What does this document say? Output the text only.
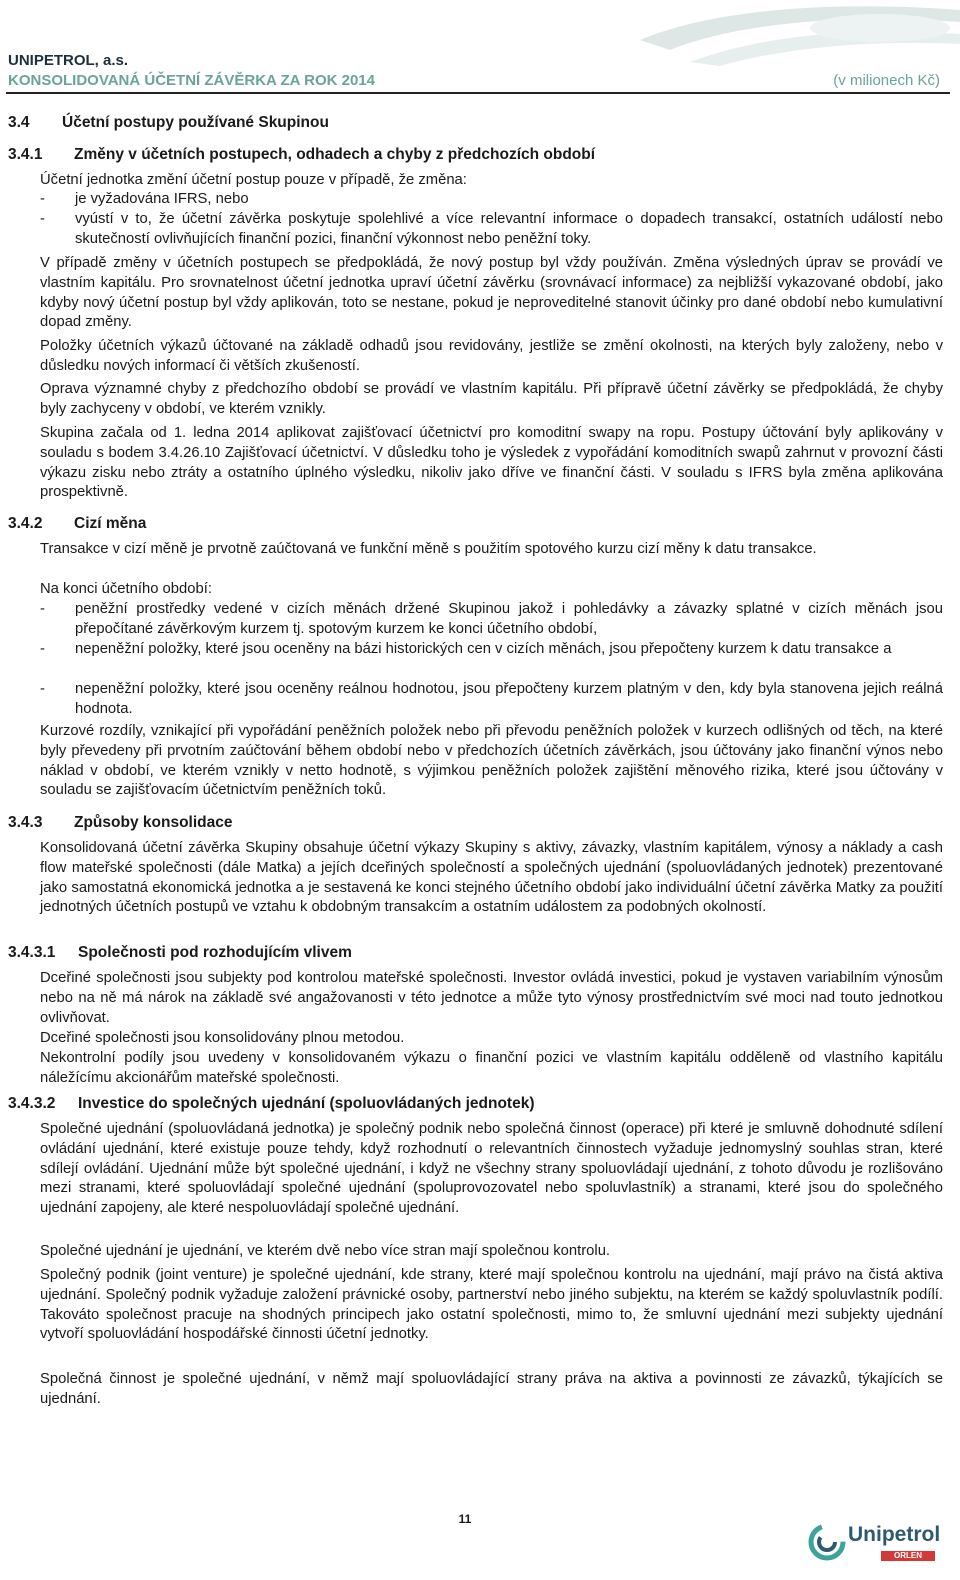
UNIPETROL, a.s.
KONSOLIDOVANÁ ÚČETNÍ ZÁVĚRKA ZA ROK 2014	(v milionech Kč)
3.4 Účetní postupy používané Skupinou
3.4.1 Změny v účetních postupech, odhadech a chyby z předchozích období

Účetní jednotka změní účetní postup pouze v případě, že změna:

- je vyžadována IFRS, nebo
- vyústí v to, že účetní závěrka poskytuje spolehlivé a více relevantní informace o dopadech transakcí, ostatních událostí nebo skutečností ovlivňujících finanční pozici, finanční výkonnost nebo peněžní toky.

V případě změny v účetních postupech se předpokládá, že nový postup byl vždy používán. Změna výsledných úprav se provádí ve vlastním kapitálu. Pro srovnatelnost účetní jednotka upraví účetní závěrku (srovnávací informace) za nejbližší vykazované období, jako kdyby nový účetní postup byl vždy aplikován, toto se nestane, pokud je neproveditelné stanovit účinky pro dané období nebo kumulativní dopad změny.

Položky účetních výkazů účtované na základě odhadů jsou revidovány, jestliže se změní okolnosti, na kterých byly založeny, nebo v důsledku nových informací či větších zkušeností.

Oprava významné chyby z předchozího období se provádí ve vlastním kapitálu. Při přípravě účetní závěrky se předpokládá, že chyby byly zachyceny v období, ve kterém vznikly.

Skupina začala od 1. ledna 2014 aplikovat zajišťovací účetnictví pro komoditní swapy na ropu. Postupy účtování byly aplikovány v souladu s bodem 3.4.26.10 Zajišťovací účetnictví. V důsledku toho je výsledek z vypořádání komoditních swapů zahrnut v provozní části výkazu zisku nebo ztráty a ostatního úplného výsledku, nikoliv jako dříve ve finanční části. V souladu s IFRS byla změna aplikována prospektivně.

3.4.2 Cizí měna

Transakce v cizí měně je prvotně zaúčtovaná ve funkční měně s použitím spotového kurzu cizí měny k datu transakce.

Na konci účetního období:

- peněžní prostředky vedené v cizích měnách držené Skupinou jakož i pohledávky a závazky splatné v cizích měnách jsou přepočítané závěrkovým kurzem tj. spotovým kurzem ke konci účetního období,
- nepeněžní položky, které jsou oceněny na bázi historických cen v cizích měnách, jsou přepočteny kurzem k datu transakce a
- nepeněžní položky, které jsou oceněny reálnou hodnotou, jsou přepočteny kurzem platným v den, kdy byla stanovena jejich reálná hodnota.

Kurzové rozdíly, vznikající při vypořádání peněžních položek nebo při převodu peněžních položek v kurzech odlišných od těch, na které byly převedeny při prvotním zaúčtování během období nebo v předchozích účetních závěrkách, jsou účtovány jako finanční výnos nebo náklad v období, ve kterém vznikly v netto hodnotě, s výjimkou peněžních položek zajištění měnového rizika, které jsou účtovány v souladu se zajišťovacím účetnictvím peněžních toků.

3.4.3 Způsoby konsolidace

Konsolidovaná účetní závěrka Skupiny obsahuje účetní výkazy Skupiny s aktivy, závazky, vlastním kapitálem, výnosy a náklady a cash flow mateřské společnosti (dále Matka) a jejích dceřiných společností a společných ujednání (spoluovládaných jednotek) prezentované jako samostatná ekonomická jednotka a je sestavená ke konci stejného účetního období jako individuální účetní závěrka Matky za použití jednotných účetních postupů ve vztahu k obdobným transakcím a ostatním událostem za podobných okolností.

3.4.3.1 Společnosti pod rozhodujícím vlivem

Dceřiné společnosti jsou subjekty pod kontrolou mateřské společnosti. Investor ovládá investici, pokud je vystaven variabilním výnosům nebo na ně má nárok na základě své angažovanosti v této jednotce a může tyto výnosy prostřednictvím své moci nad touto jednotkou ovlivňovat.

Dceřiné společnosti jsou konsolidovány plnou metodou.

Nekontrolní podíly jsou uvedeny v konsolidovaném výkazu o finanční pozici ve vlastním kapitálu odděleně od vlastního kapitálu náležícímu akcionářům mateřské společnosti.

3.4.3.2 Investice do společných ujednání (spoluovládaných jednotek)

Společné ujednání (spoluovládaná jednotka) je společný podnik nebo společná činnost (operace) při které je smluvně dohodnuté sdílení ovládání ujednání, které existuje pouze tehdy, když rozhodnutí o relevantních činnostech vyžaduje jednomyslný souhlas stran, které sdílejí ovládání. Ujednání může být společné ujednání, i když ne všechny strany spoluovládají ujednání, z tohoto důvodu je rozlišováno mezi stranami, které spoluovládají společné ujednání (spoluprovozovatel nebo spoluvlastník) a stranami, které jsou do společného ujednání zapojeny, ale které nespoluovládají společné ujednání.

Společné ujednání je ujednání, ve kterém dvě nebo více stran mají společnou kontrolu.

Společný podnik (joint venture) je společné ujednání, kde strany, které mají společnou kontrolu na ujednání, mají právo na čistá aktiva ujednání. Společný podnik vyžaduje založení právnické osoby, partnerství nebo jiného subjektu, na kterém se každý spoluvlastník podílí. Takováto společnost pracuje na shodných principech jako ostatní společnosti, mimo to, že smluvní ujednání mezi subjekty ujednání vytvoří spoluovládání hospodářské činnosti účetní jednotky.

Společná činnost je společné ujednání, v němž mají spoluovládající strany práva na aktiva a povinnosti ze závazků, týkajících se ujednání.

11
Unipetrol
ORLEN GROUP
